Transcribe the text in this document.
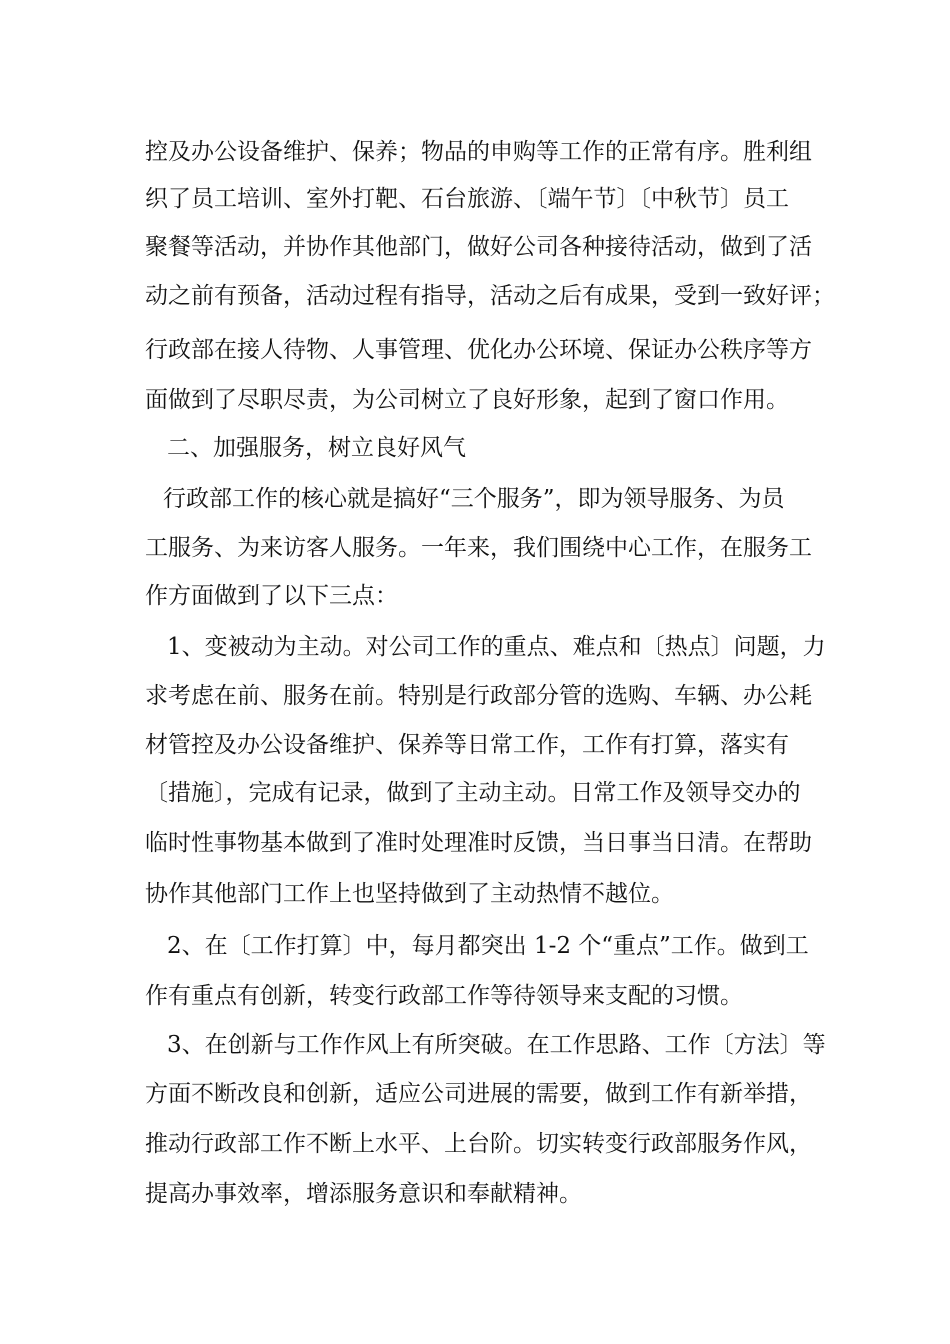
控及办公设备维护、保养；物品的申购等工作的正常有序。胜利组
织了员工培训、室外打靶、石台旅游、〔端午节〕〔中秋节〕员工
聚餐等活动，并协作其他部门，做好公司各种接待活动，做到了活
动之前有预备，活动过程有指导，活动之后有成果，受到一致好评；
行政部在接人待物、人事管理、优化办公环境、保证办公秩序等方
面做到了尽职尽责，为公司树立了良好形象，起到了窗口作用。
二、加强服务，树立良好风气
行政部工作的核心就是搞好“三个服务”，即为领导服务、为员
工服务、为来访客人服务。一年来，我们围绕中心工作，在服务工
作方面做到了以下三点：
1、变被动为主动。对公司工作的重点、难点和〔热点〕问题，力
求考虑在前、服务在前。特别是行政部分管的选购、车辆、办公耗
材管控及办公设备维护、保养等日常工作，工作有打算，落实有
〔措施〕，完成有记录，做到了主动主动。日常工作及领导交办的
临时性事物基本做到了准时处理准时反馈，当日事当日清。在帮助
协作其他部门工作上也坚持做到了主动热情不越位。
2、在〔工作打算〕中，每月都突出 1-2 个“重点”工作。做到工
作有重点有创新，转变行政部工作等待领导来支配的习惯。
3、在创新与工作作风上有所突破。在工作思路、工作〔方法〕等
方面不断改良和创新，适应公司进展的需要，做到工作有新举措，
推动行政部工作不断上水平、上台阶。切实转变行政部服务作风，
提高办事效率，增添服务意识和奉献精神。
